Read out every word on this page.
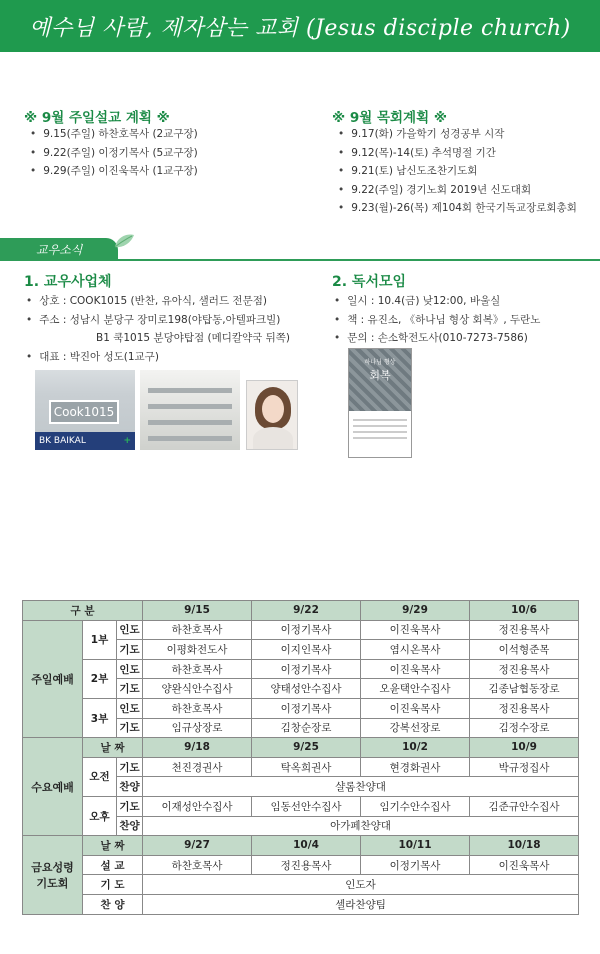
예수님 사람, 제자삼는 교회 (Jesus disciple church)
※ 9월 주일설교 계획 ※
• 9.15(주일) 하찬호목사 (2교구장)
• 9.22(주일) 이정기목사 (5교구장)
• 9.29(주일) 이진욱목사 (1교구장)
※ 9월 목회계획 ※
• 9.17(화) 가을학기 성경공부 시작
• 9.12(목)-14(토) 추석명절 기간
• 9.21(토) 남신도조찬기도회
• 9.22(주일) 경기노회 2019년 신도대회
• 9.23(월)-26(목) 제104회 한국기독교장로회총회
교우소식
1. 교우사업체
• 상호 : COOK1015 (반찬, 유아식, 샐러드 전문점)
• 주소 : 성남시 분당구 장미로198(야탑동,아텔파크빌)
B1 쿡1015 분당야탑점 (메디칼약국 뒤쪽)
• 대표 : 박진아 성도(1교구)
Cook1015
BK BAIKAL	+
2. 독서모임
• 일시 : 10.4(금) 낮12:00, 바울실
• 책 : 유진소, 《하나님 형상 회복》, 두란노
• 문의 : 손소학전도사(010-7273-7586)
하나님 형상
회복
구 분			9/15	9/22	9/29	10/6
주일예배	1부	인도	하찬호목사	이정기목사	이진욱목사	정진용목사
		기도	이평화전도사	이지인목사	염시온목사	이석형준목
	2부	인도	하찬호목사	이정기목사	이진욱목사	정진용목사
		기도	양완식안수집사	양태성안수집사	오윤택안수집사	김종남협동장로
	3부	인도	하찬호목사	이정기목사	이진욱목사	정진용목사
		기도	임규상장로	김창순장로	강복선장로	김정수장로
수요예배	날 짜		9/18	9/25	10/2	10/9
	오전	기도	천진경권사	탁옥희권사	현경화권사	박규정집사
		찬양	샬롬찬양대			
	오후	기도	이재성안수집사	임동선안수집사	임기수안수집사	김준규안수집사
		찬양	아가페찬양대			
금요성령
기도회	날 짜		9/27	10/4	10/11	10/18
	설 교		하찬호목사	정진용목사	이정기목사	이진욱목사
	기 도		인도자			
	찬 양		셀라찬양팀			
